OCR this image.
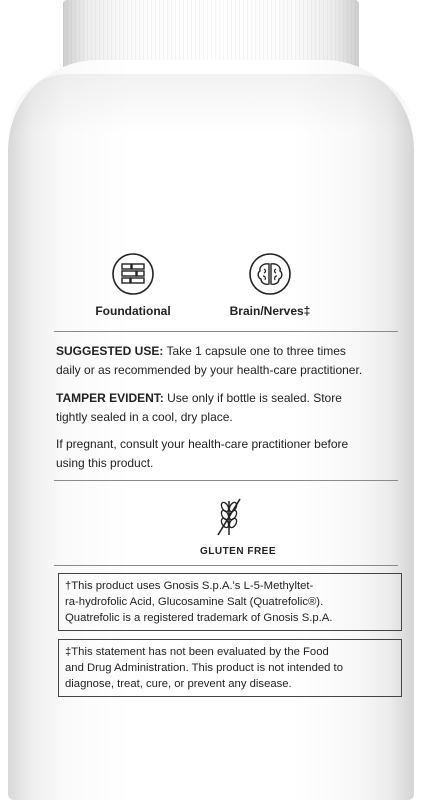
Foundational	Brain/Nerves‡
SUGGESTED USE: Take 1 capsule one to three times
daily or as recommended by your health-care practitioner.
TAMPER EVIDENT: Use only if bottle is sealed. Store
tightly sealed in a cool, dry place.
If pregnant, consult your health-care practitioner before
using this product.
GLUTEN FREE
†This product uses Gnosis S.p.A.'s L-5-Methyltet-
ra-hydrofolic Acid, Glucosamine Salt (Quatrefolic®).
Quatrefolic is a registered trademark of Gnosis S.p.A.
‡This statement has not been evaluated by the Food
and Drug Administration. This product is not intended to
diagnose, treat, cure, or prevent any disease.
